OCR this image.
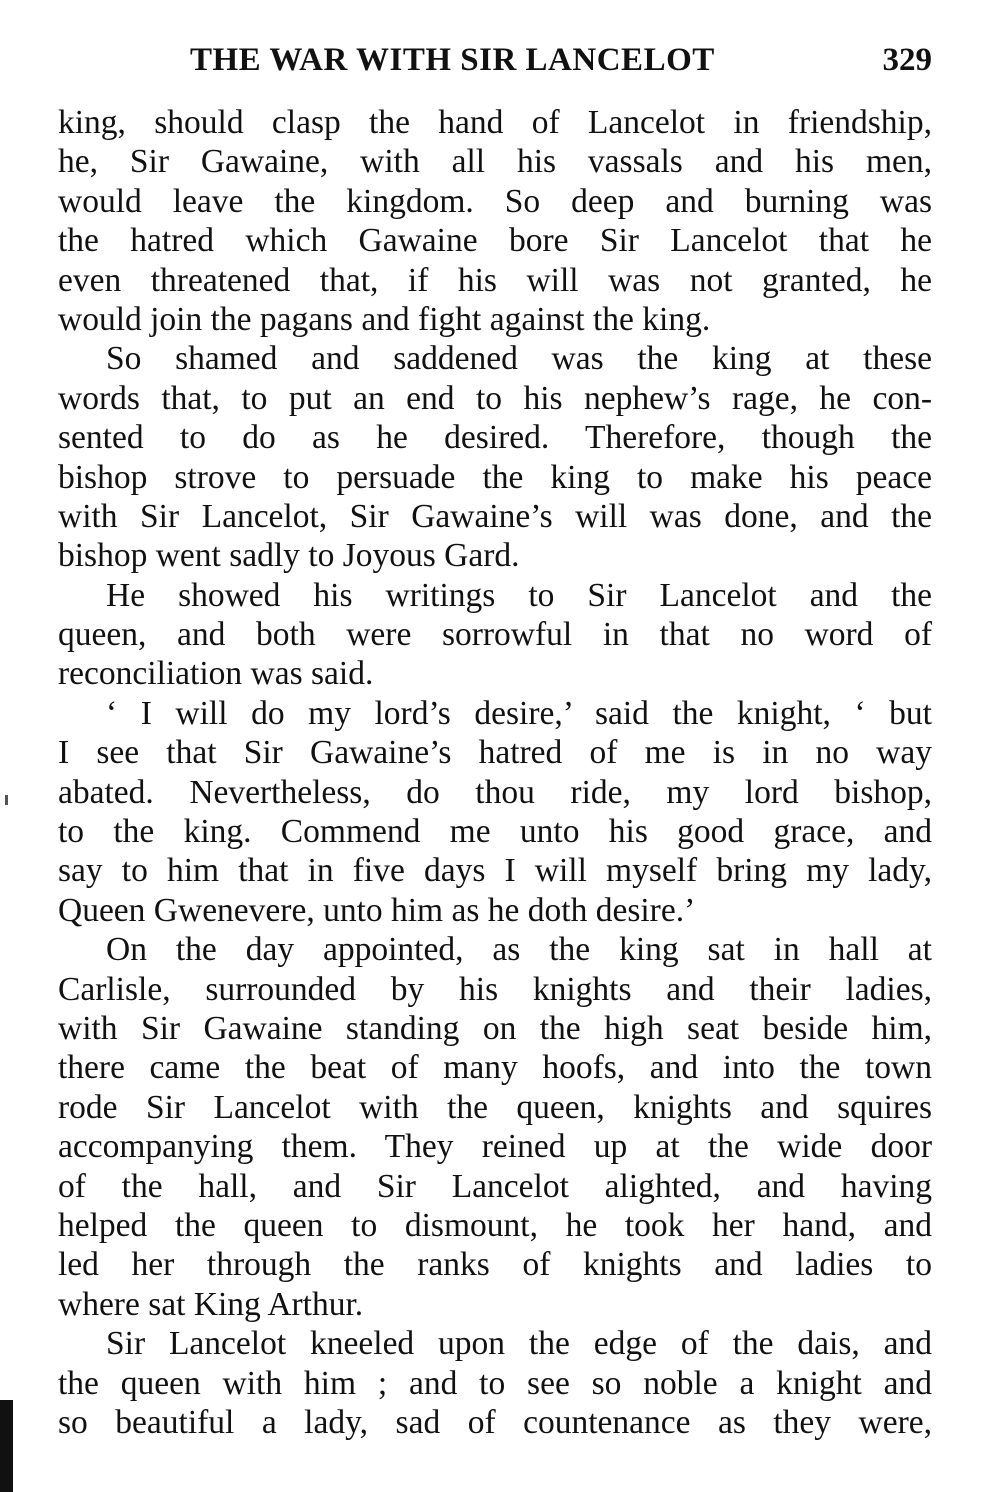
THE WAR WITH SIR LANCELOT	329
king, should clasp the hand of Lancelot in friendship,
he, Sir Gawaine, with all his vassals and his men,
would leave the kingdom. So deep and burning was
the hatred which Gawaine bore Sir Lancelot that he
even threatened that, if his will was not granted, he
would join the pagans and fight against the king.
So shamed and saddened was the king at these
words that, to put an end to his nephew’s rage, he con-
sented to do as he desired. Therefore, though the
bishop strove to persuade the king to make his peace
with Sir Lancelot, Sir Gawaine’s will was done, and the
bishop went sadly to Joyous Gard.
He showed his writings to Sir Lancelot and the
queen, and both were sorrowful in that no word of
reconciliation was said.
‘ I will do my lord’s desire,’ said the knight, ‘ but
I see that Sir Gawaine’s hatred of me is in no way
abated. Nevertheless, do thou ride, my lord bishop,
to the king. Commend me unto his good grace, and
say to him that in five days I will myself bring my lady,
Queen Gwenevere, unto him as he doth desire.’
On the day appointed, as the king sat in hall at
Carlisle, surrounded by his knights and their ladies,
with Sir Gawaine standing on the high seat beside him,
there came the beat of many hoofs, and into the town
rode Sir Lancelot with the queen, knights and squires
accompanying them. They reined up at the wide door
of the hall, and Sir Lancelot alighted, and having
helped the queen to dismount, he took her hand, and
led her through the ranks of knights and ladies to
where sat King Arthur.
Sir Lancelot kneeled upon the edge of the dais, and
the queen with him ; and to see so noble a knight and
so beautiful a lady, sad of countenance as they were,
